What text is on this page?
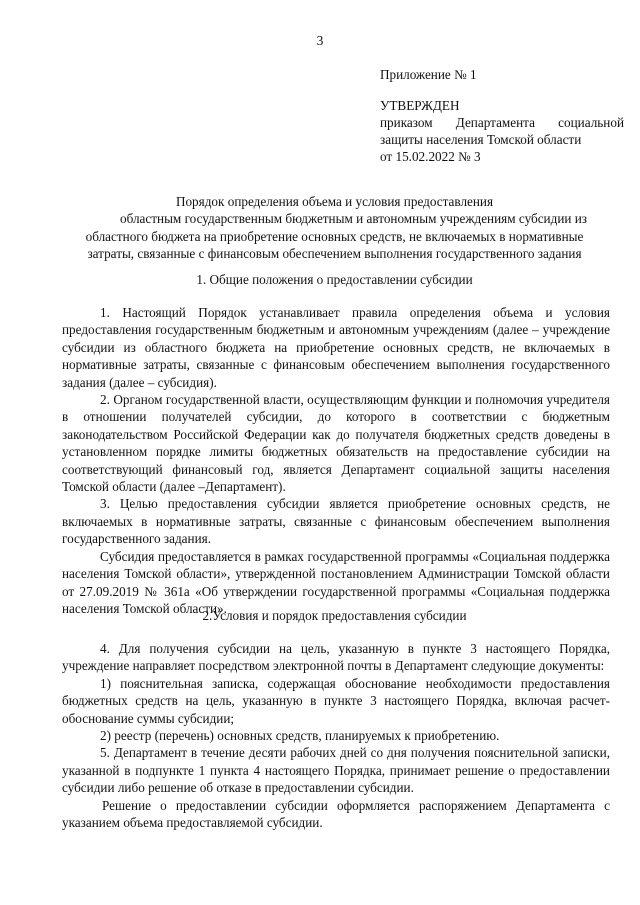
3
Приложение № 1
УТВЕРЖДЕН
приказом Департамента социальной
защиты населения Томской области
от 15.02.2022 № 3
Порядок определения объема и условия предоставления
областным государственным бюджетным и автономным учреждениям субсидии из
областного бюджета на приобретение основных средств, не включаемых в нормативные
затраты, связанные с финансовым обеспечением выполнения государственного задания
1. Общие положения о предоставлении субсидии

1. Настоящий Порядок устанавливает правила определения объема и условия предоставления государственным бюджетным и автономным учреждениям (далее – учреждение субсидии из областного бюджета на приобретение основных средств, не включаемых в нормативные затраты, связанные с финансовым обеспечением выполнения государственного задания (далее – субсидия).

2. Органом государственной власти, осуществляющим функции и полномочия учредителя в отношении получателей субсидии, до которого в соответствии с бюджетным законодательством Российской Федерации как до получателя бюджетных средств доведены в установленном порядке лимиты бюджетных обязательств на предоставление субсидии на соответствующий финансовый год, является Департамент социальной защиты населения Томской области (далее –Департамент).

3. Целью предоставления субсидии является приобретение основных средств, не включаемых в нормативные затраты, связанные с финансовым обеспечением выполнения государственного задания.

Субсидия предоставляется в рамках государственной программы «Социальная поддержка населения Томской области», утвержденной постановлением Администрации Томской области от 27.09.2019 № 361а «Об утверждении государственной программы «Социальная поддержка населения Томской области».

2.Условия и порядок предоставления субсидии

4. Для получения субсидии на цель, указанную в пункте 3 настоящего Порядка, учреждение направляет посредством электронной почты в Департамент следующие документы:

1) пояснительная записка, содержащая обоснование необходимости предоставления бюджетных средств на цель, указанную в пункте 3 настоящего Порядка, включая расчет-обоснование суммы субсидии;

2) реестр (перечень) основных средств, планируемых к приобретению.

5. Департамент в течение десяти рабочих дней со дня получения пояснительной записки, указанной в подпункте 1 пункта 4 настоящего Порядка, принимает решение о предоставлении субсидии либо решение об отказе в предоставлении субсидии.

Решение о предоставлении субсидии оформляется распоряжением Департамента с указанием объема предоставляемой субсидии.
